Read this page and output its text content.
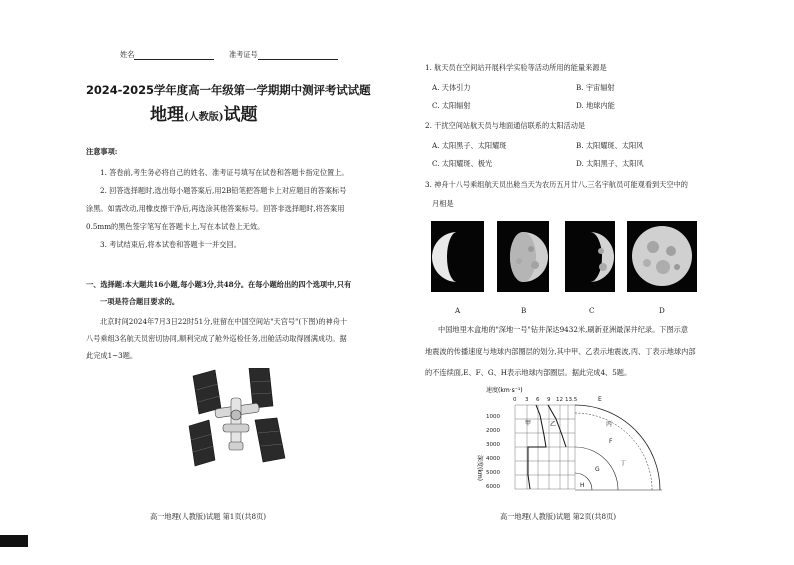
姓名	准考证号
2024-2025学年度高一年级第一学期期中测评考试试题
地理(人教版)试题
注意事项:
1. 答卷前,考生务必将自己的姓名、准考证号填写在试卷和答题卡指定位置上。
2. 回答选择题时,选出每小题答案后,用2B铅笔把答题卡上对应题目的答案标号
涂黑。如需改动,用橡皮擦干净后,再选涂其他答案标号。回答非选择题时,将答案用
0.5mm的黑色签字笔写在答题卡上,写在本试卷上无效。
3. 考试结束后,将本试卷和答题卡一并交回。
一、选择题:本大题共16小题,每小题3分,共48分。在每小题给出的四个选项中,只有
一项是符合题目要求的。
北京时间2024年7月3日22时51分,驻留在中国空间站"天宫号"(下图)的神舟十
八号乘组3名航天员密切协同,顺利完成了舱外巡检任务,出舱活动取得圆满成功。据
此完成1~3题。
高一地理(人教版)试题 第1页(共8页)
1. 航天员在空间站开展科学实验等活动所用的能量来源是
A. 天体引力	B. 宇宙辐射
C. 太阳辐射	D. 地球内能
2. 干扰空间站航天员与地面通信联系的太阳活动是
A. 太阳黑子、太阳耀斑	B. 太阳耀斑、太阳风
C. 太阳耀斑、极光	D. 太阳黑子、太阳风
3. 神舟十八号乘组航天员出舱当天为农历五月廿八,三名宇航员可能观看到天空中的
月相是
A	B	C	D
中国地里木盒地的"深地一号"钻井深达9432米,刷新亚洲最深井纪录。下图示意
地震波的传播速度与地球内部圈层的划分,其中甲、乙表示地震波,丙、丁表示地球内部
的不连续面,E、F、G、H表示地球内部圈层。据此完成4、5题。
速度(km·s⁻¹)
0 3 6 9 12 13.5
1000
2000
3000
4000
5000
6000
深度(km)
甲	乙
E
F
G
H
丙
丁
高一地理(人教版)试题 第2页(共8页)
